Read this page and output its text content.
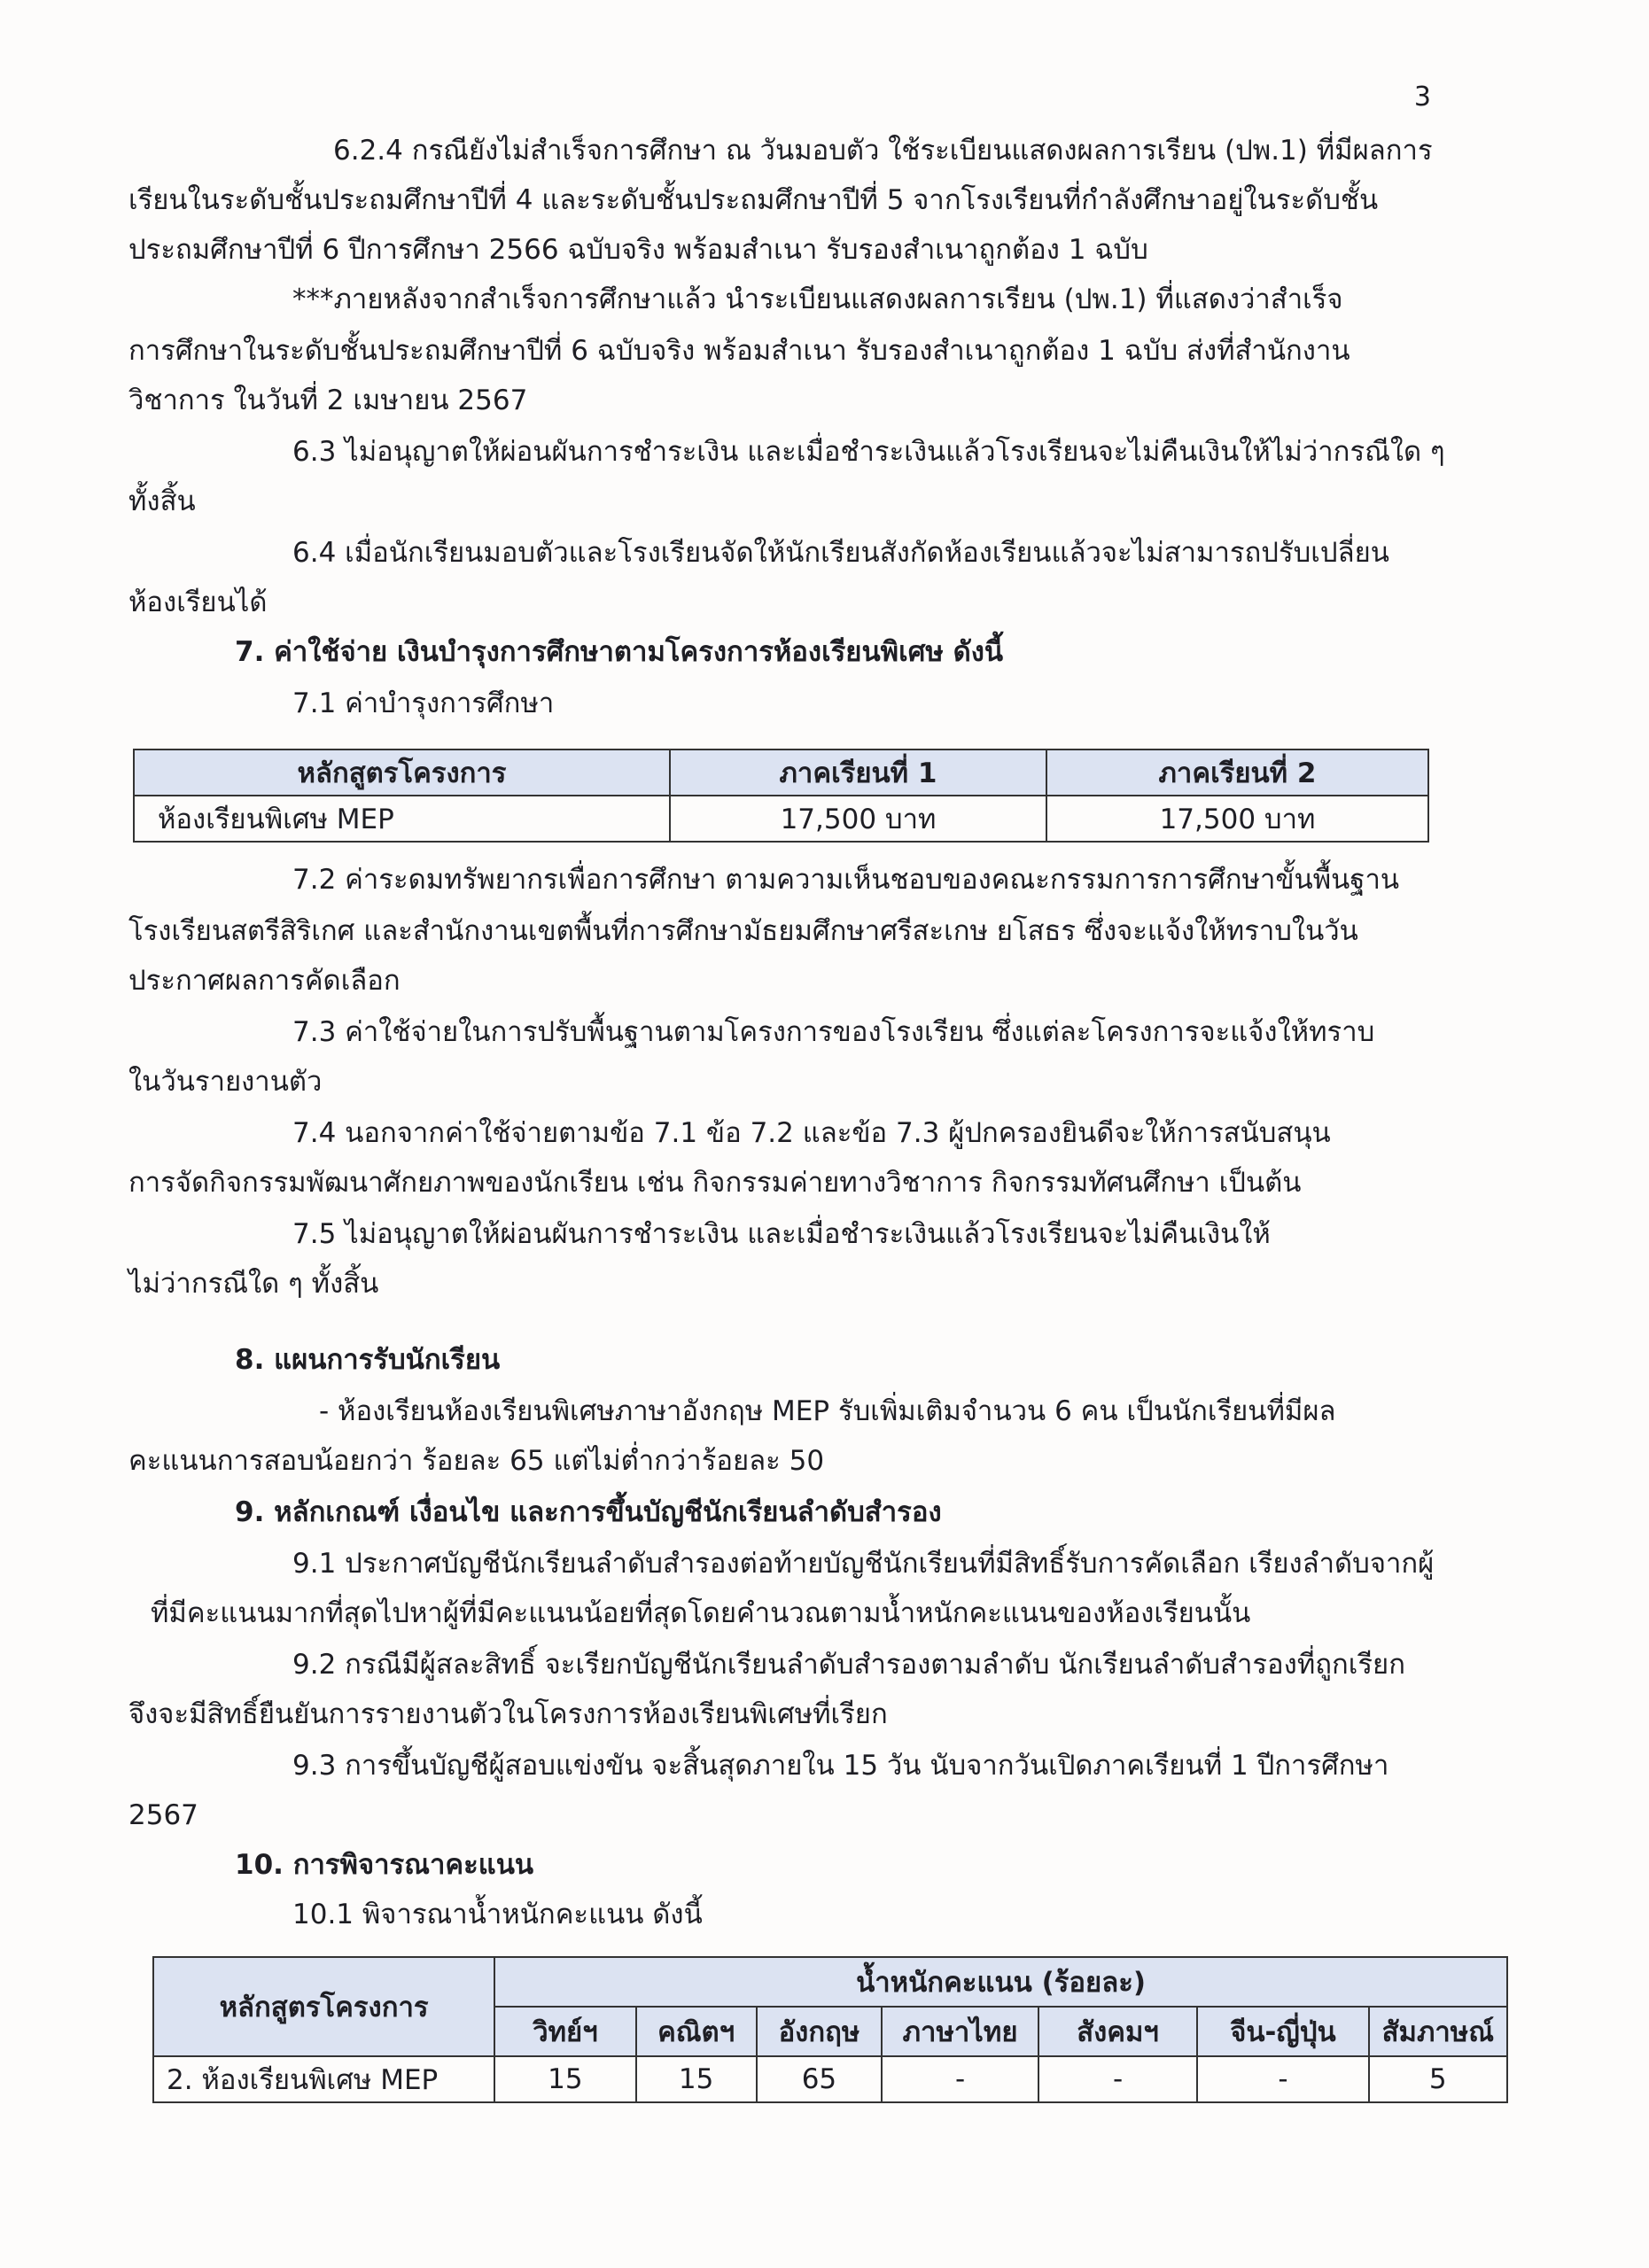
3
6.2.4 กรณียังไม่สำเร็จการศึกษา ณ วันมอบตัว ใช้ระเบียนแสดงผลการเรียน (ปพ.1) ที่มีผลการ
เรียนในระดับชั้นประถมศึกษาปีที่ 4 และระดับชั้นประถมศึกษาปีที่ 5 จากโรงเรียนที่กำลังศึกษาอยู่ในระดับชั้น
ประถมศึกษาปีที่ 6 ปีการศึกษา 2566 ฉบับจริง พร้อมสำเนา รับรองสำเนาถูกต้อง 1 ฉบับ
***ภายหลังจากสำเร็จการศึกษาแล้ว นำระเบียนแสดงผลการเรียน (ปพ.1) ที่แสดงว่าสำเร็จ
การศึกษาในระดับชั้นประถมศึกษาปีที่ 6 ฉบับจริง พร้อมสำเนา รับรองสำเนาถูกต้อง 1 ฉบับ ส่งที่สำนักงาน
วิชาการ ในวันที่ 2 เมษายน 2567
6.3 ไม่อนุญาตให้ผ่อนผันการชำระเงิน และเมื่อชำระเงินแล้วโรงเรียนจะไม่คืนเงินให้ไม่ว่ากรณีใด ๆ
ทั้งสิ้น
6.4 เมื่อนักเรียนมอบตัวและโรงเรียนจัดให้นักเรียนสังกัดห้องเรียนแล้วจะไม่สามารถปรับเปลี่ยน
ห้องเรียนได้
7. ค่าใช้จ่าย เงินบำรุงการศึกษาตามโครงการห้องเรียนพิเศษ ดังนี้
7.1 ค่าบำรุงการศึกษา
หลักสูตรโครงการ	ภาคเรียนที่ 1	ภาคเรียนที่ 2
ห้องเรียนพิเศษ MEP	17,500 บาท	17,500 บาท
7.2 ค่าระดมทรัพยากรเพื่อการศึกษา ตามความเห็นชอบของคณะกรรมการการศึกษาขั้นพื้นฐาน
โรงเรียนสตรีสิริเกศ และสำนักงานเขตพื้นที่การศึกษามัธยมศึกษาศรีสะเกษ ยโสธร ซึ่งจะแจ้งให้ทราบในวัน
ประกาศผลการคัดเลือก
7.3 ค่าใช้จ่ายในการปรับพื้นฐานตามโครงการของโรงเรียน ซึ่งแต่ละโครงการจะแจ้งให้ทราบ
ในวันรายงานตัว
7.4 นอกจากค่าใช้จ่ายตามข้อ 7.1 ข้อ 7.2 และข้อ 7.3 ผู้ปกครองยินดีจะให้การสนับสนุน
การจัดกิจกรรมพัฒนาศักยภาพของนักเรียน เช่น กิจกรรมค่ายทางวิชาการ กิจกรรมทัศนศึกษา เป็นต้น
7.5 ไม่อนุญาตให้ผ่อนผันการชำระเงิน และเมื่อชำระเงินแล้วโรงเรียนจะไม่คืนเงินให้
ไม่ว่ากรณีใด ๆ ทั้งสิ้น
8. แผนการรับนักเรียน
- ห้องเรียนห้องเรียนพิเศษภาษาอังกฤษ MEP รับเพิ่มเติมจำนวน 6 คน เป็นนักเรียนที่มีผล
คะแนนการสอบน้อยกว่า ร้อยละ 65 แต่ไม่ต่ำกว่าร้อยละ 50
9. หลักเกณฑ์ เงื่อนไข และการขึ้นบัญชีนักเรียนลำดับสำรอง
9.1 ประกาศบัญชีนักเรียนลำดับสำรองต่อท้ายบัญชีนักเรียนที่มีสิทธิ์รับการคัดเลือก เรียงลำดับจากผู้
ที่มีคะแนนมากที่สุดไปหาผู้ที่มีคะแนนน้อยที่สุดโดยคำนวณตามน้ำหนักคะแนนของห้องเรียนนั้น
9.2 กรณีมีผู้สละสิทธิ์ จะเรียกบัญชีนักเรียนลำดับสำรองตามลำดับ นักเรียนลำดับสำรองที่ถูกเรียก
จึงจะมีสิทธิ์ยืนยันการรายงานตัวในโครงการห้องเรียนพิเศษที่เรียก
9.3 การขึ้นบัญชีผู้สอบแข่งขัน จะสิ้นสุดภายใน 15 วัน นับจากวันเปิดภาคเรียนที่ 1 ปีการศึกษา
2567
10. การพิจารณาคะแนน
10.1 พิจารณาน้ำหนักคะแนน ดังนี้
หลักสูตรโครงการ	น้ำหนักคะแนน (ร้อยละ)						
	วิทย์ฯ	คณิตฯ	อังกฤษ	ภาษาไทย	สังคมฯ	จีน-ญี่ปุ่น	สัมภาษณ์
2. ห้องเรียนพิเศษ MEP	15	15	65	-	-	-	5
